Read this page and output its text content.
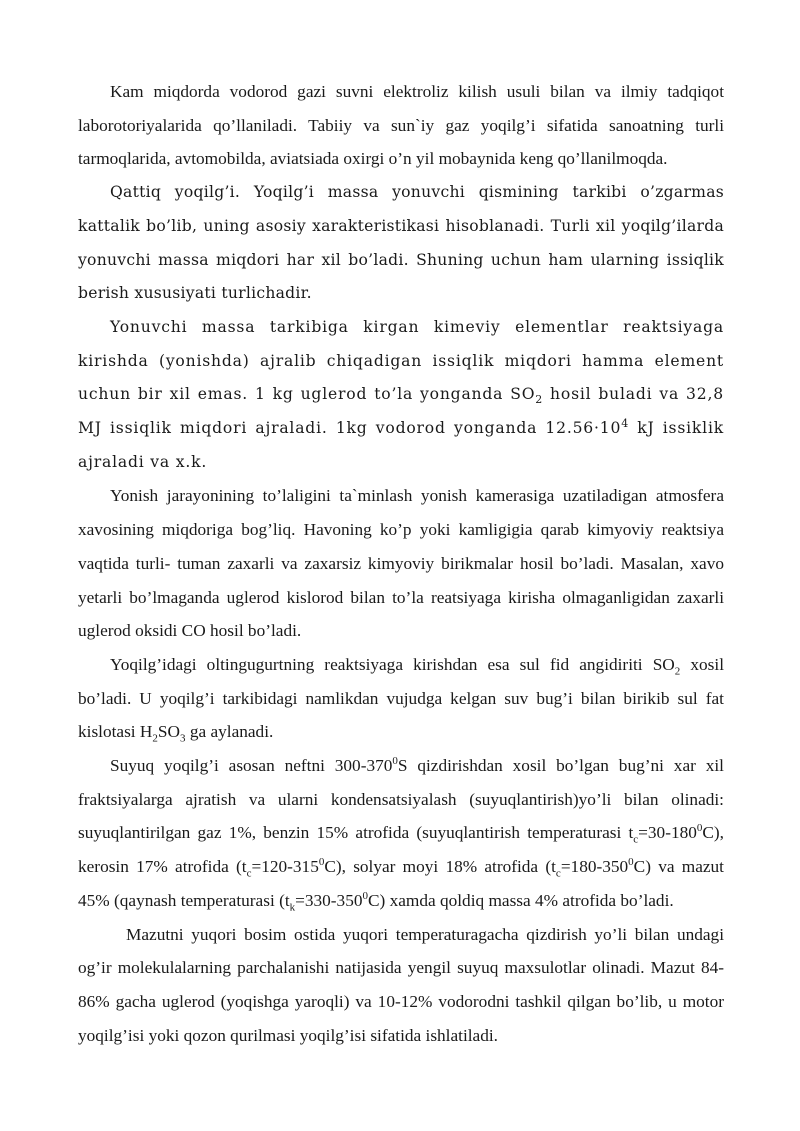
Kam miqdorda vodorod gazi suvni elektroliz kilish usuli bilan va ilmiy tadqiqot laborotoriyalarida qo’llaniladi. Tabiiy va sun`iy gaz yoqilg’i sifatida sanoatning turli tarmoqlarida, avtomobilda, aviatsiada oxirgi o’n yil mobaynida keng qo’llanilmoqda.

Qattiq yoqilg’i. Yoqilg’i massa yonuvchi qismining tarkibi o’zgarmas kattalik bo’lib, uning asosiy xarakteristikasi hisoblanadi. Turli xil yoqilg’ilarda yonuvchi massa miqdori har xil bo’ladi. Shuning uchun ham ularning issiqlik berish xususiyati turlichadir.

Yonuvchi massa tarkibiga kirgan kimeviy elementlar reaktsiyaga kirishda (yonishda) ajralib chiqadigan issiqlik miqdori hamma element uchun bir xil emas. 1 kg uglerod to’la yonganda $SO_2$ hosil buladi va 32,8 MJ issiqlik miqdori ajraladi. 1kg vodorod yonganda $12.56\cdot 10^4$ kJ issiklik ajraladi va x.k.

Yonish jarayonining to’laligini ta`minlash yonish kamerasiga uzatiladigan atmosfera xavosining miqdoriga bog’liq. Havoning ko’p yoki kamligigia qarab kimyoviy reaktsiya vaqtida turli- tuman zaxarli va zaxarsiz kimyoviy birikmalar hosil bo’ladi. Masalan, xavo yetarli bo’lmaganda uglerod kislorod bilan to’la reatsiyaga kirisha olmaganligidan zaxarli uglerod oksidi CO hosil bo’ladi.

Yoqilg’idagi oltingugurtning reaktsiyaga kirishdan esa sul fid angidiriti $SO_2$ xosil bo’ladi. U yoqilg’i tarkibidagi namlikdan vujudga kelgan suv bug’i bilan birikib sul fat kislotasi $H_2SO_3$ ga aylanadi.

Suyuq yoqilg’i asosan neftni $300-370^0S$ qizdirishdan xosil bo’lgan bug’ni xar xil fraktsiyalarga ajratish va ularni kondensatsiyalash (suyuqlantirish)yo’li bilan olinadi: suyuqlantirilgan gaz 1%, benzin 15% atrofida (suyuqlantirish temperaturasi $t_c=30-180^0C$), kerosin 17% atrofida $(t_c=120-315^0C)$, solyar moyi 18% atrofida $(t_c=180-350^0C)$ va mazut 45% (qaynash temperaturasi $(t_k=330-350^0C)$ xamda qoldiq massa 4% atrofida bo’ladi.

Mazutni yuqori bosim ostida yuqori temperaturagacha qizdirish yo’li bilan undagi og’ir molekulalarning parchalanishi natijasida yengil suyuq maxsulotlar olinadi. Mazut 84-86% gacha uglerod (yoqishga yaroqli) va 10-12% vodorodni tashkil qilgan bo’lib, u motor yoqilg’isi yoki qozon qurilmasi yoqilg’isi sifatida ishlatiladi.
